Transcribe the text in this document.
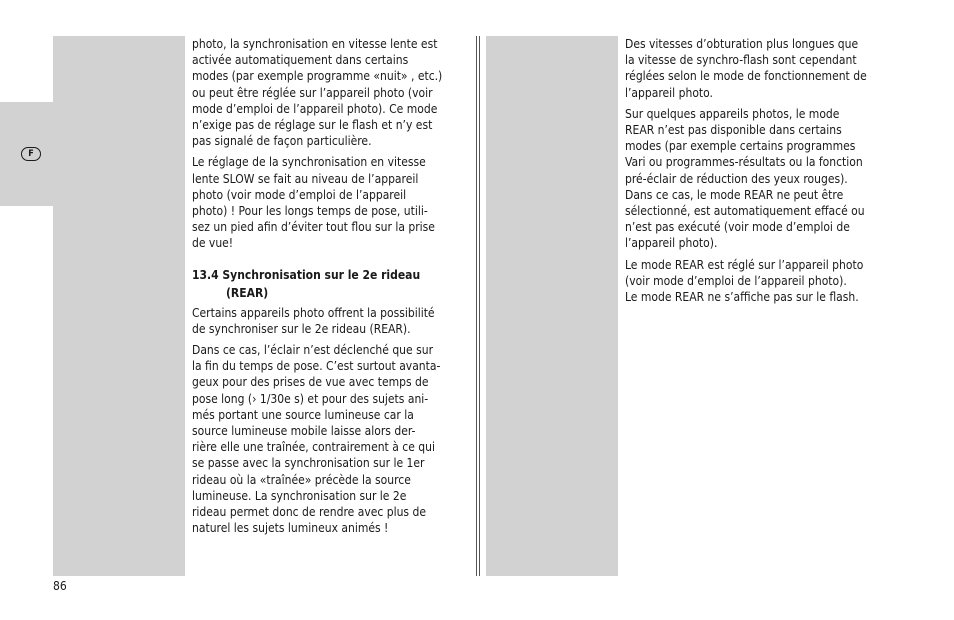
F

photo, la synchronisation en vitesse lente est
activée automatiquement dans certains
modes (par exemple programme «nuit» , etc.)
ou peut être réglée sur l’appareil photo (voir
mode d’emploi de l’appareil photo). Ce mode
n’exige pas de réglage sur le flash et n’y est
pas signalé de façon particulière.

Le réglage de la synchronisation en vitesse
lente SLOW se fait au niveau de l’appareil
photo (voir mode d’emploi de l’appareil
photo) ! Pour les longs temps de pose, utili-
sez un pied afin d’éviter tout flou sur la prise
de vue!

13.4 Synchronisation sur le 2e rideau
(REAR)

Certains appareils photo offrent la possibilité
de synchroniser sur le 2e rideau (REAR).

Dans ce cas, l’éclair n’est déclenché que sur
la fin du temps de pose. C’est surtout avanta-
geux pour des prises de vue avec temps de
pose long (› 1/30e s) et pour des sujets ani-
més portant une source lumineuse car la
source lumineuse mobile laisse alors der-
rière elle une traînée, contrairement à ce qui
se passe avec la synchronisation sur le 1er
rideau où la «traînée» précède la source
lumineuse. La synchronisation sur le 2e
rideau permet donc de rendre avec plus de
naturel les sujets lumineux animés !

Des vitesses d’obturation plus longues que
la vitesse de synchro-flash sont cependant
réglées selon le mode de fonctionnement de
l’appareil photo.

Sur quelques appareils photos, le mode
REAR n’est pas disponible dans certains
modes (par exemple certains programmes
Vari ou programmes-résultats ou la fonction
pré-éclair de réduction des yeux rouges).
Dans ce cas, le mode REAR ne peut être
sélectionné, est automatiquement effacé ou
n’est pas exécuté (voir mode d’emploi de
l’appareil photo).

Le mode REAR est réglé sur l’appareil photo
(voir mode d’emploi de l’appareil photo).
Le mode REAR ne s’affiche pas sur le flash.

86
